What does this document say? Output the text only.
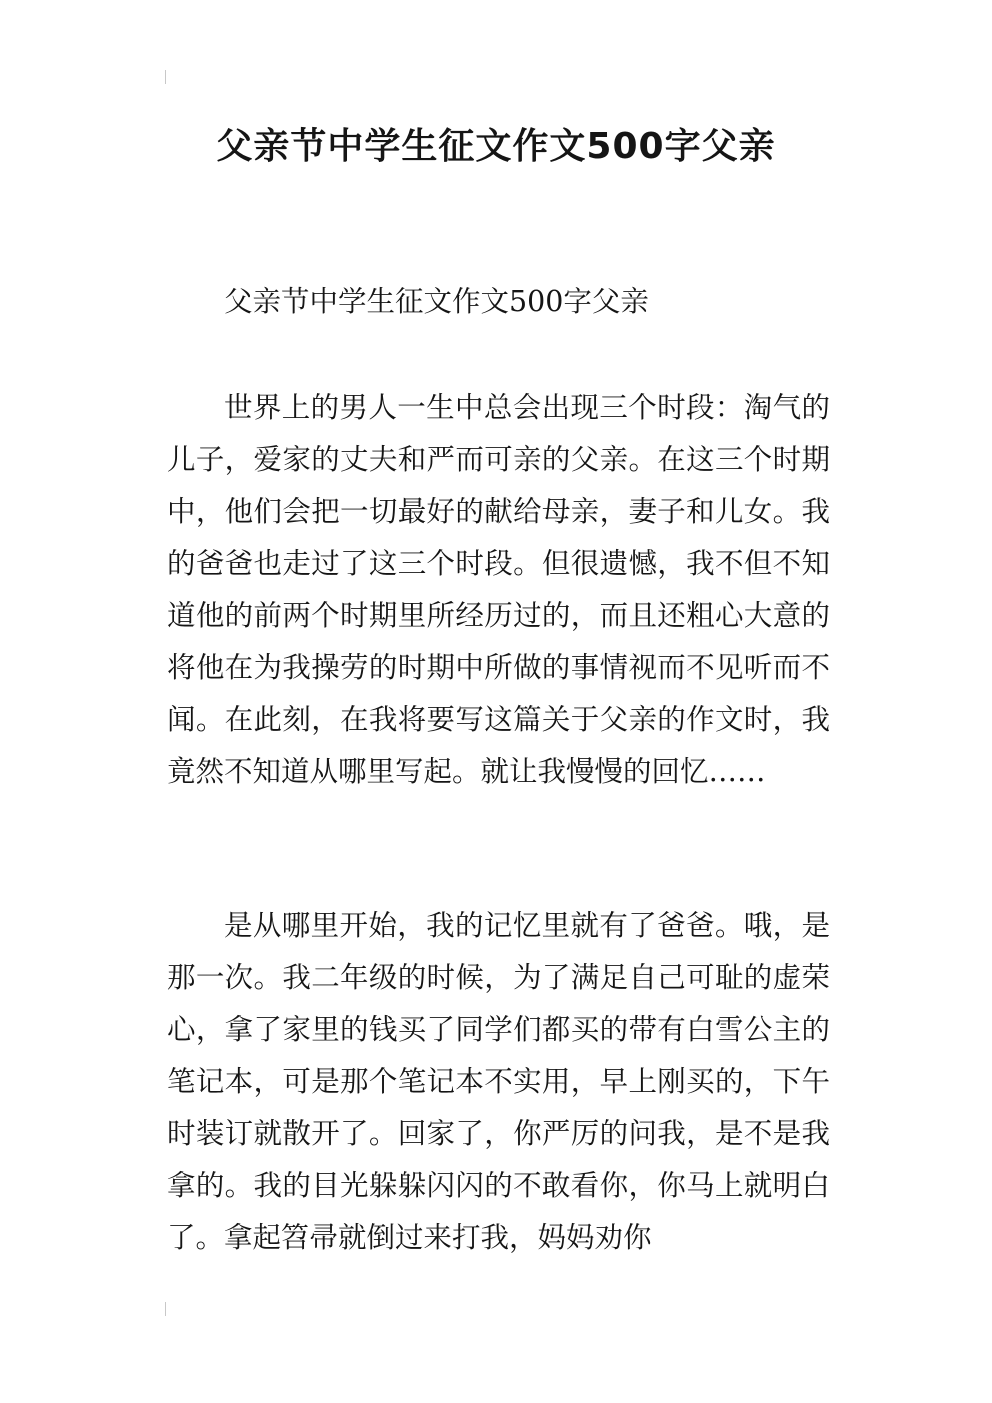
父亲节中学生征文作文500字父亲

父亲节中学生征文作文500字父亲

世界上的男人一生中总会出现三个时段：淘气的儿子，爱家的丈夫和严而可亲的父亲。在这三个时期中，他们会把一切最好的献给母亲，妻子和儿女。我的爸爸也走过了这三个时段。但很遗憾，我不但不知道他的前两个时期里所经历过的，而且还粗心大意的将他在为我操劳的时期中所做的事情视而不见听而不闻。在此刻，在我将要写这篇关于父亲的作文时，我竟然不知道从哪里写起。就让我慢慢的回忆……

是从哪里开始，我的记忆里就有了爸爸。哦，是那一次。我二年级的时候，为了满足自己可耻的虚荣心，拿了家里的钱买了同学们都买的带有白雪公主的笔记本，可是那个笔记本不实用，早上刚买的，下午时装订就散开了。回家了，你严厉的问我，是不是我拿的。我的目光躲躲闪闪的不敢看你，你马上就明白了。拿起笤帚就倒过来打我，妈妈劝你
